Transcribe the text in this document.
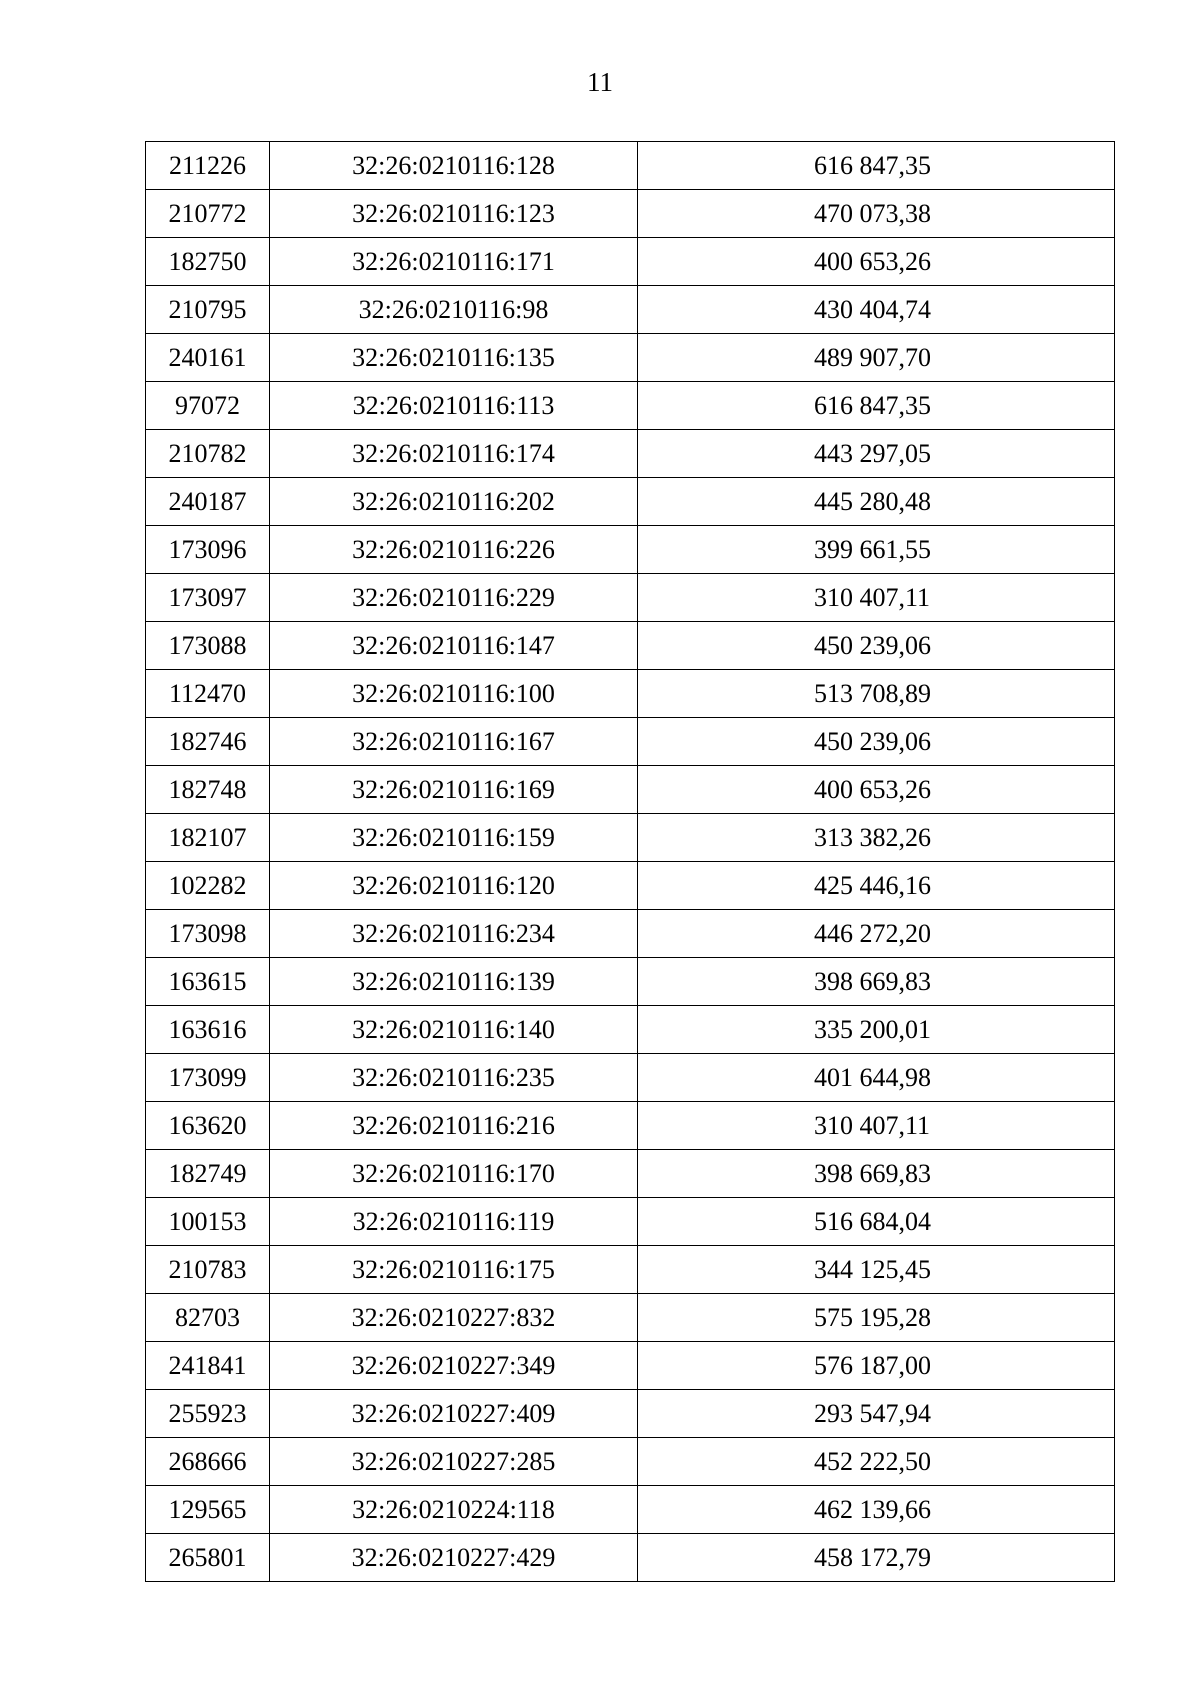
11
211226	32:26:0210116:128	616 847,35
210772	32:26:0210116:123	470 073,38
182750	32:26:0210116:171	400 653,26
210795	32:26:0210116:98	430 404,74
240161	32:26:0210116:135	489 907,70
97072	32:26:0210116:113	616 847,35
210782	32:26:0210116:174	443 297,05
240187	32:26:0210116:202	445 280,48
173096	32:26:0210116:226	399 661,55
173097	32:26:0210116:229	310 407,11
173088	32:26:0210116:147	450 239,06
112470	32:26:0210116:100	513 708,89
182746	32:26:0210116:167	450 239,06
182748	32:26:0210116:169	400 653,26
182107	32:26:0210116:159	313 382,26
102282	32:26:0210116:120	425 446,16
173098	32:26:0210116:234	446 272,20
163615	32:26:0210116:139	398 669,83
163616	32:26:0210116:140	335 200,01
173099	32:26:0210116:235	401 644,98
163620	32:26:0210116:216	310 407,11
182749	32:26:0210116:170	398 669,83
100153	32:26:0210116:119	516 684,04
210783	32:26:0210116:175	344 125,45
82703	32:26:0210227:832	575 195,28
241841	32:26:0210227:349	576 187,00
255923	32:26:0210227:409	293 547,94
268666	32:26:0210227:285	452 222,50
129565	32:26:0210224:118	462 139,66
265801	32:26:0210227:429	458 172,79
